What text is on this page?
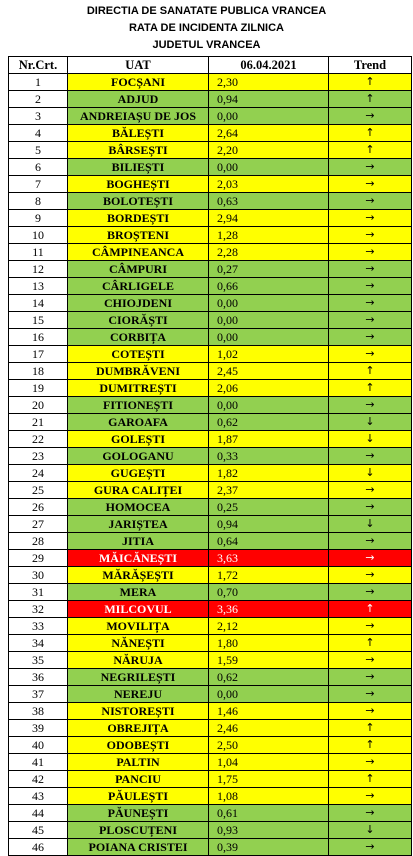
DIRECTIA DE SANATATE PUBLICA VRANCEA
RATA DE INCIDENTA ZILNICA
JUDETUL VRANCEA
Nr.Crt.	UAT	06.04.2021	Trend
1	FOCȘANI	2,30	↑
2	ADJUD	0,94	↑
3	ANDREIAȘU DE JOS	0,00	→
4	BĂLEȘTI	2,64	↑
5	BÂRSEȘTI	2,20	↑
6	BILIEȘTI	0,00	→
7	BOGHEȘTI	2,03	→
8	BOLOTEȘTI	0,63	→
9	BORDEȘTI	2,94	→
10	BROȘTENI	1,28	→
11	CÂMPINEANCA	2,28	→
12	CÂMPURI	0,27	→
13	CÂRLIGELE	0,66	→
14	CHIOJDENI	0,00	→
15	CIORĂȘTI	0,00	→
16	CORBIȚA	0,00	→
17	COTEȘTI	1,02	→
18	DUMBRĂVENI	2,45	↑
19	DUMITREȘTI	2,06	↑
20	FITIONEȘTI	0,00	→
21	GAROAFA	0,62	↓
22	GOLEȘTI	1,87	↓
23	GOLOGANU	0,33	→
24	GUGEȘTI	1,82	↓
25	GURA CALIȚEI	2,37	→
26	HOMOCEA	0,25	→
27	JARIȘTEA	0,94	↓
28	JITIA	0,64	→
29	MĂICĂNEȘTI	3,63	→
30	MĂRĂȘEȘTI	1,72	→
31	MERA	0,70	→
32	MILCOVUL	3,36	↑
33	MOVILIȚA	2,12	→
34	NĂNEȘTI	1,80	↑
35	NĂRUJA	1,59	→
36	NEGRILEȘTI	0,62	→
37	NEREJU	0,00	→
38	NISTOREȘTI	1,46	→
39	OBREJIȚA	2,46	↑
40	ODOBEȘTI	2,50	↑
41	PALTIN	1,04	→
42	PANCIU	1,75	↑
43	PĂULEȘTI	1,08	→
44	PĂUNEȘTI	0,61	→
45	PLOSCUȚENI	0,93	↓
46	POIANA CRISTEI	0,39	→
